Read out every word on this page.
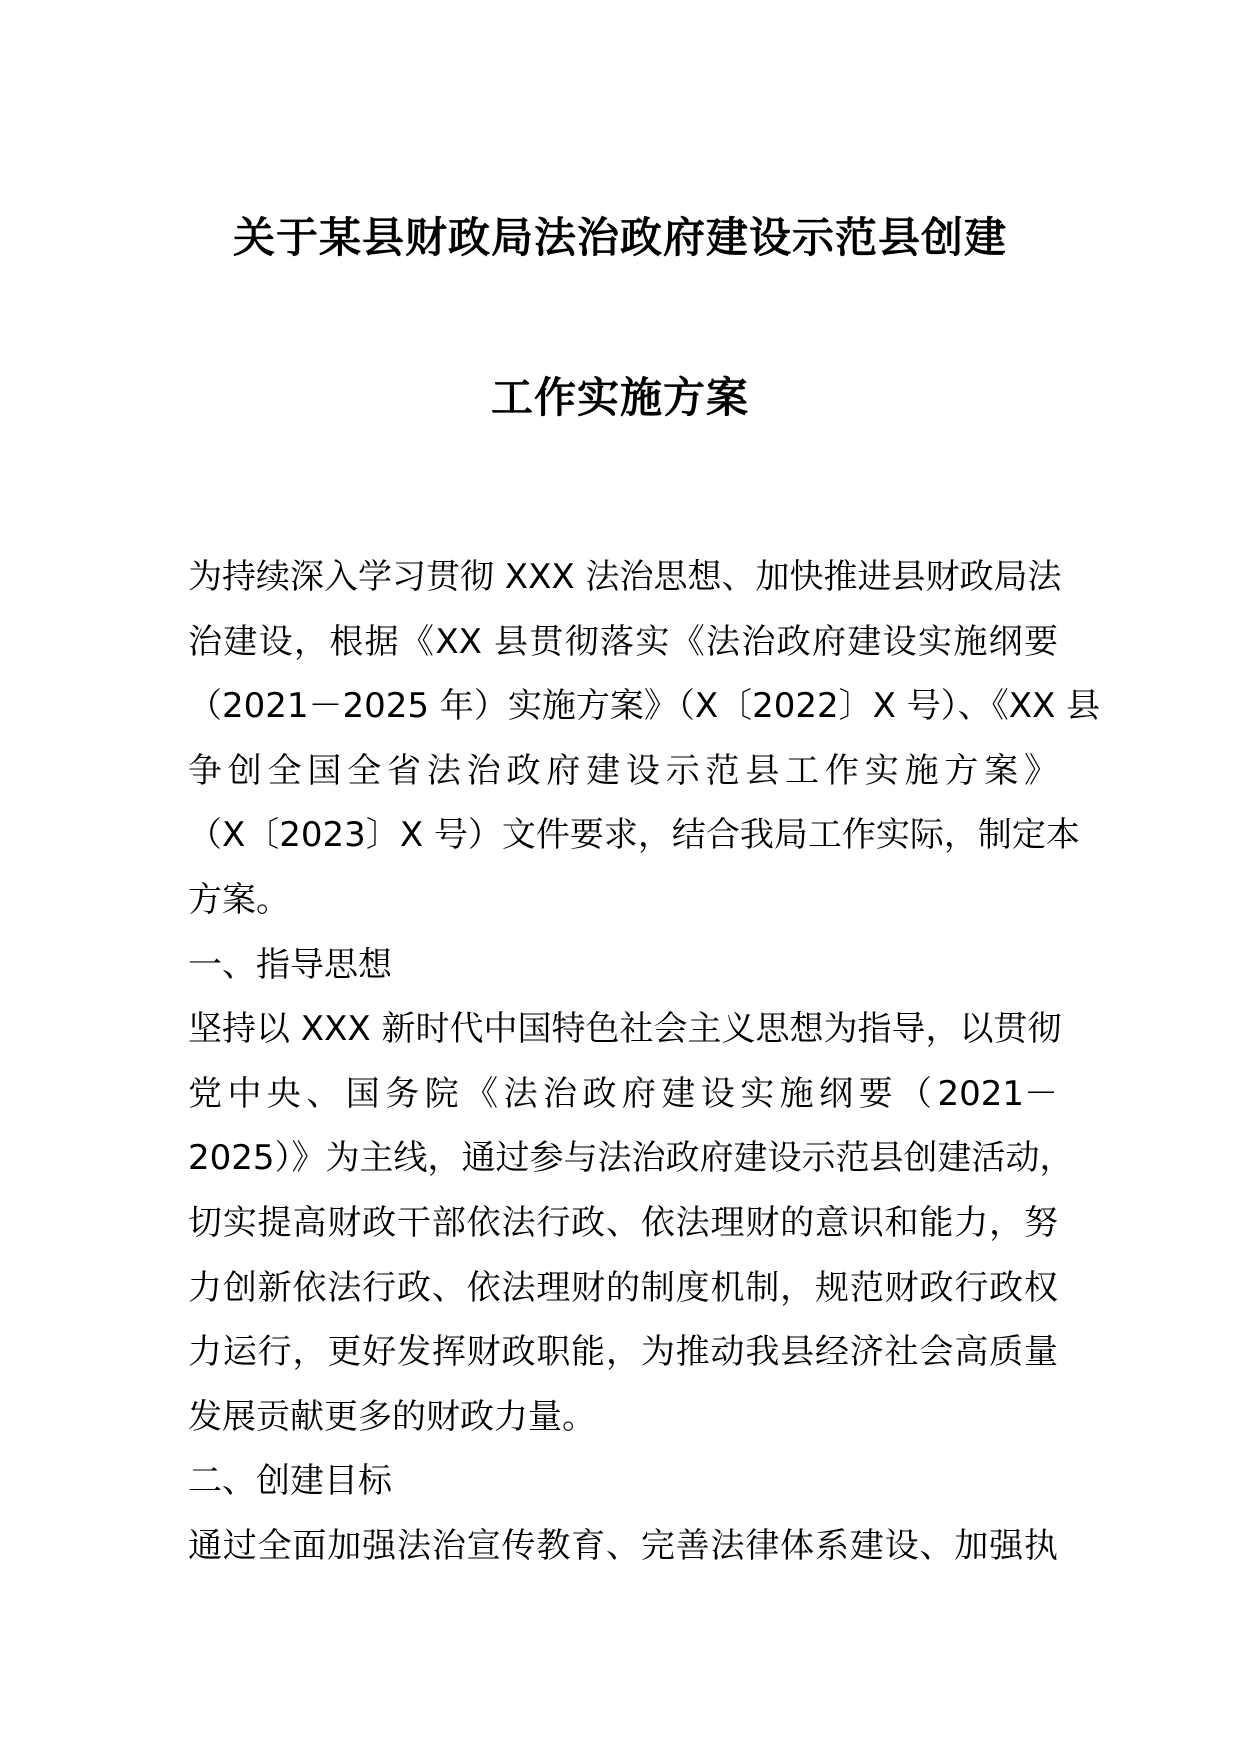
关于某县财政局法治政府建设示范县创建
工作实施方案
为持续深入学习贯彻 XXX 法治思想、加快推进县财政局法
治建设，根据《XX 县贯彻落实《法治政府建设实施纲要
（2021－2025 年）实施方案》（X〔2022〕X 号）、《XX 县
争创全国全省法治政府建设示范县工作实施方案》
（X〔2023〕X 号）文件要求，结合我局工作实际，制定本
方案。
一、指导思想
坚持以 XXX 新时代中国特色社会主义思想为指导，以贯彻
党中央、国务院《法治政府建设实施纲要（2021－
2025）》为主线，通过参与法治政府建设示范县创建活动，
切实提高财政干部依法行政、依法理财的意识和能力，努
力创新依法行政、依法理财的制度机制，规范财政行政权
力运行，更好发挥财政职能，为推动我县经济社会高质量
发展贡献更多的财政力量。
二、创建目标
通过全面加强法治宣传教育、完善法律体系建设、加强执
